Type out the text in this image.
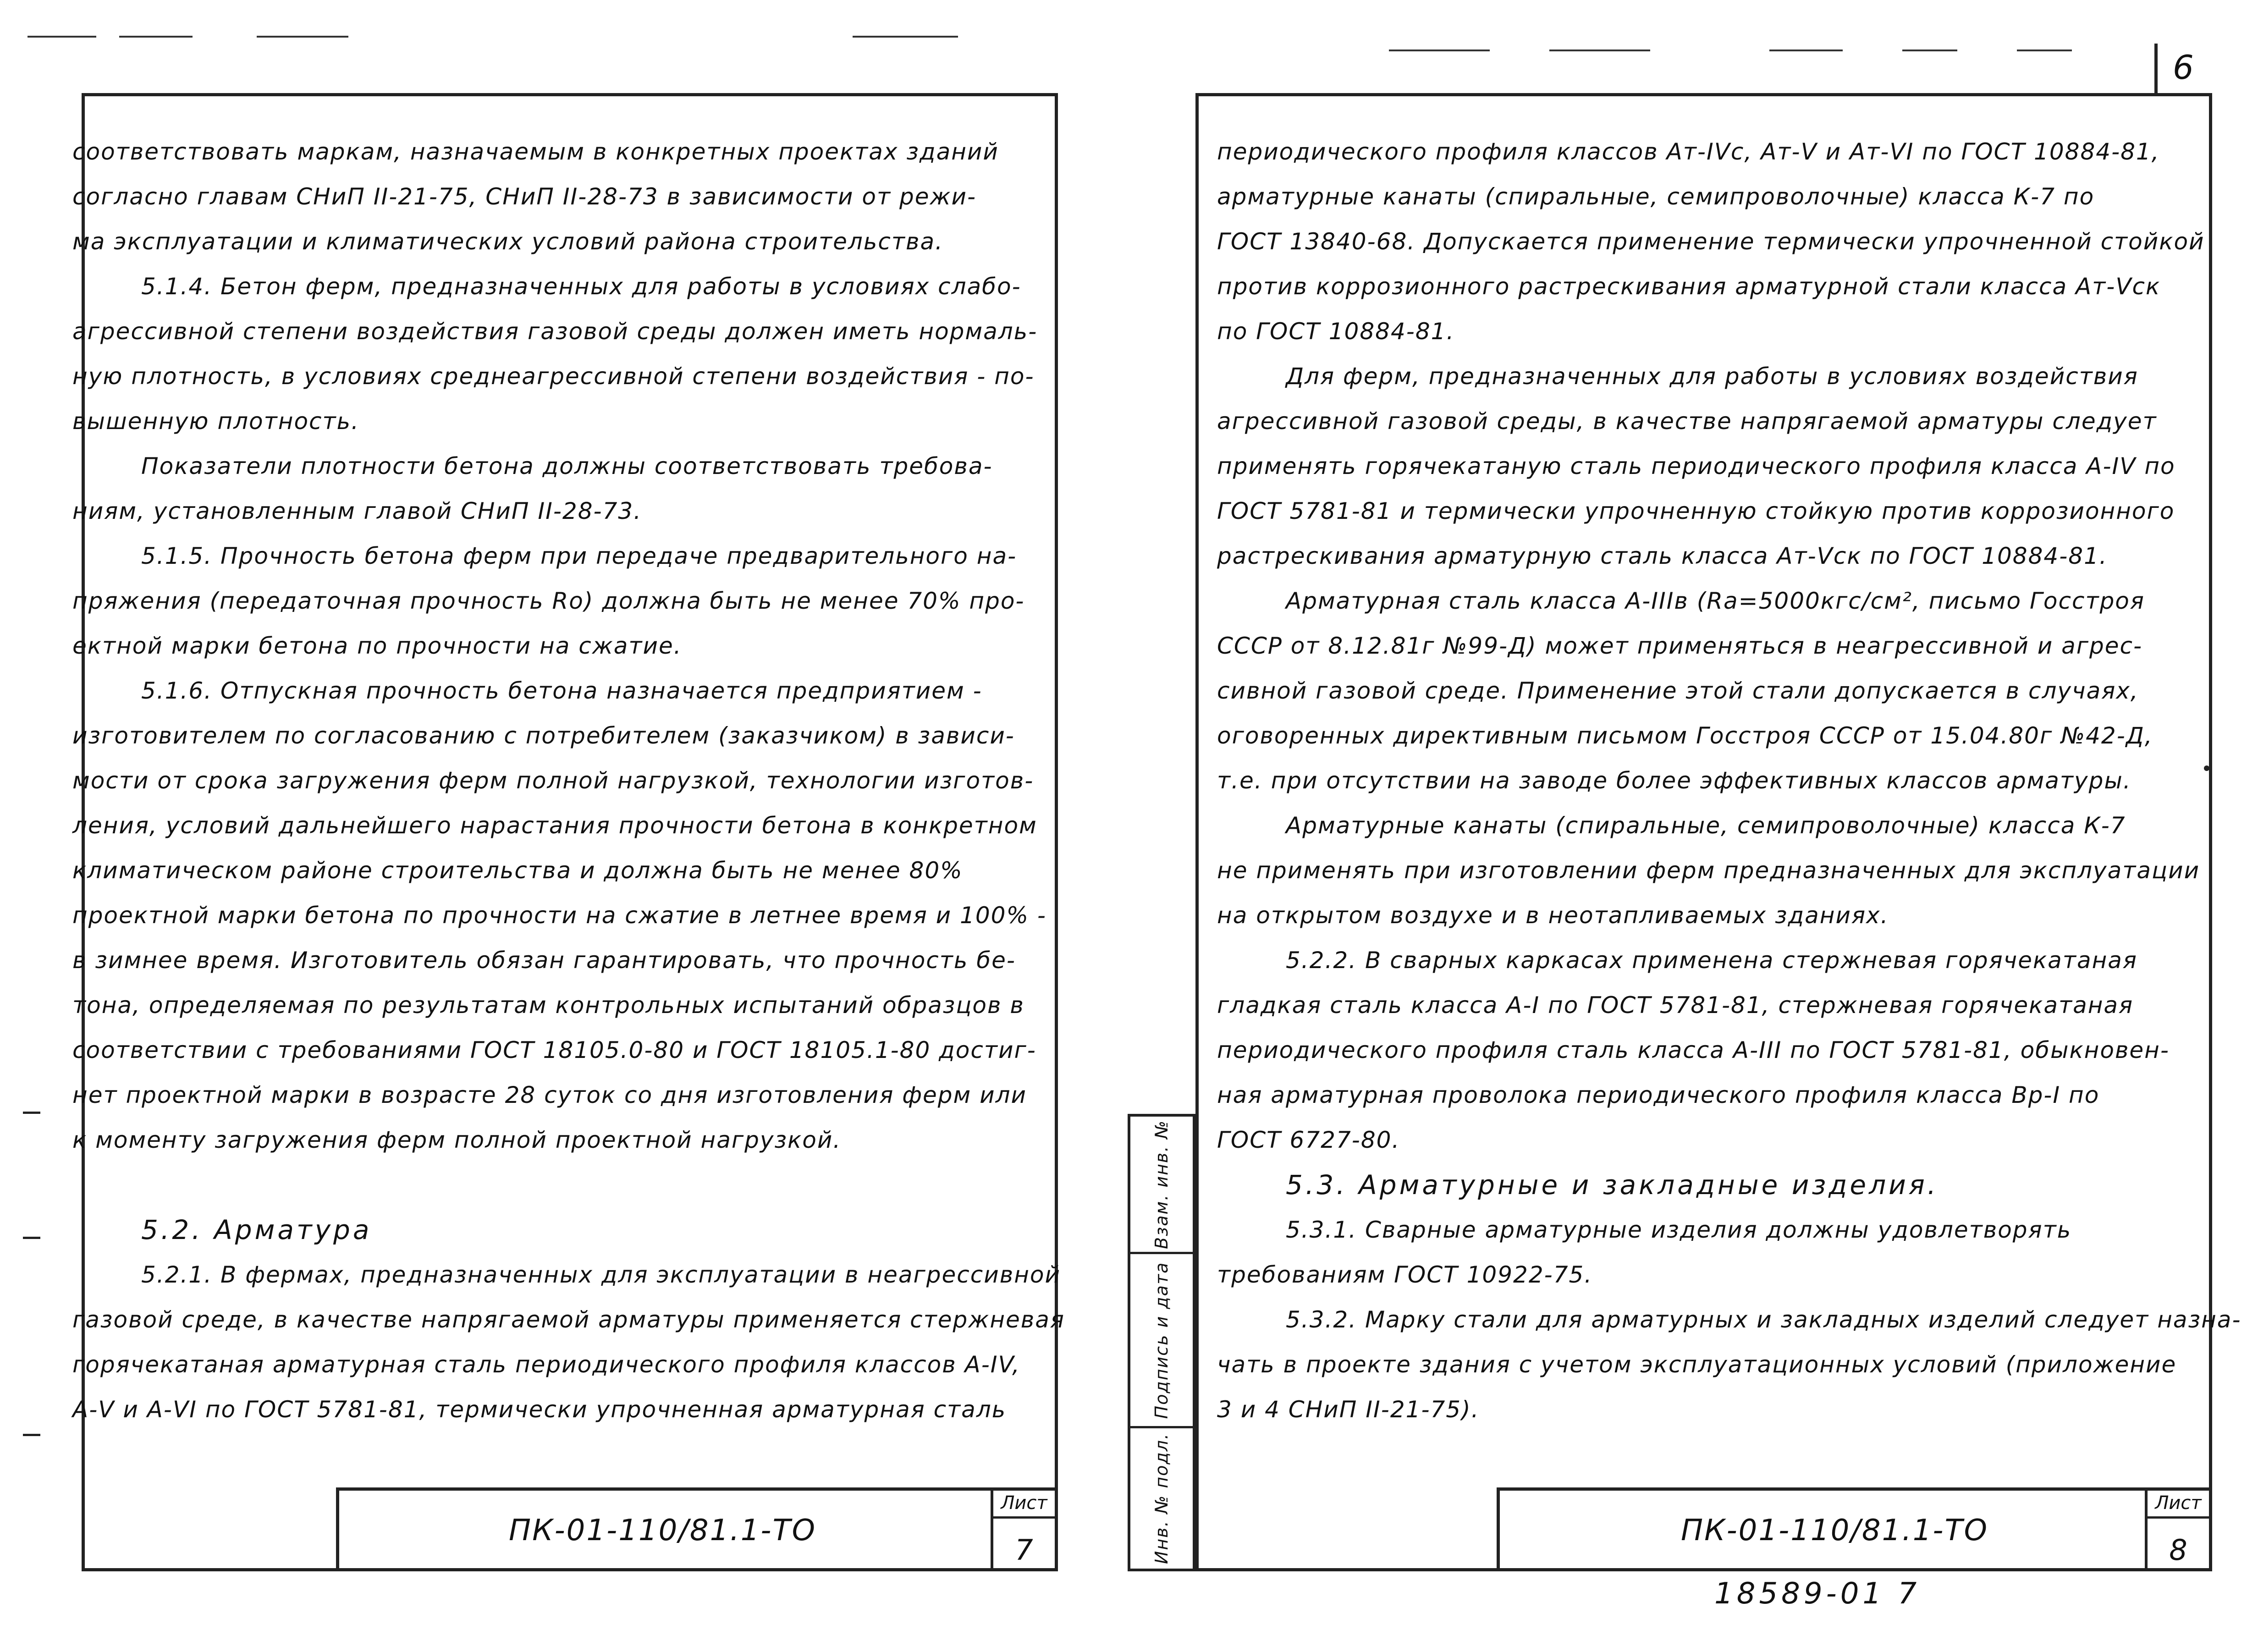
соответствовать маркам, назначаемым в конкретных проектах зданий

согласно главам СНиП II-21-75, СНиП II-28-73 в зависимости от режи-

ма эксплуатации и климатических условий района строительства.

5.1.4. Бетон ферм, предназначенных для работы в условиях слабо-

агрессивной степени воздействия газовой среды должен иметь нормаль-

ную плотность, в условиях среднеагрессивной степени воздействия - по-

вышенную плотность.

Показатели плотности бетона должны соответствовать требова-

ниям, установленным главой СНиП II-28-73.

5.1.5. Прочность бетона ферм при передаче предварительного на-

пряжения (передаточная прочность Ro) должна быть не менее 70% про-

ектной марки бетона по прочности на сжатие.

5.1.6. Отпускная прочность бетона назначается предприятием -

изготовителем по согласованию с потребителем (заказчиком) в зависи-

мости от срока загружения ферм полной нагрузкой, технологии изготов-

ления, условий дальнейшего нарастания прочности бетона в конкретном

климатическом районе строительства и должна быть не менее 80%

проектной марки бетона по прочности на сжатие в летнее время и 100% -

в зимнее время. Изготовитель обязан гарантировать, что прочность бе-

тона, определяемая по результатам контрольных испытаний образцов в

соответствии с требованиями ГОСТ 18105.0-80 и ГОСТ 18105.1-80 достиг-

нет проектной марки в возрасте 28 суток со дня изготовления ферм или

к моменту загружения ферм полной проектной нагрузкой.

5.2. Арматура

5.2.1. В фермах, предназначенных для эксплуатации в неагрессивной

газовой среде, в качестве напрягаемой арматуры применяется стержневая

горячекатаная арматурная сталь периодического профиля классов А-IV,

А-V и А-VI по ГОСТ 5781-81, термически упрочненная арматурная сталь

ПК-01-110/81.1-ТО
Лист
7
6
Взам. инв. №
Подпись и дата
Инв. № подл.

периодического профиля классов Ат-IVс, Ат-V и Ат-VI по ГОСТ 10884-81,

арматурные канаты (спиральные, семипроволочные) класса К-7 по

ГОСТ 13840-68. Допускается применение термически упрочненной стойкой

против коррозионного растрескивания арматурной стали класса Ат-Vск

по ГОСТ 10884-81.

Для ферм, предназначенных для работы в условиях воздействия

агрессивной газовой среды, в качестве напрягаемой арматуры следует

применять горячекатаную сталь периодического профиля класса А-IV по

ГОСТ 5781-81 и термически упрочненную стойкую против коррозионного

растрескивания арматурную сталь класса Ат-Vск по ГОСТ 10884-81.

Арматурная сталь класса А-IIIв (Rа=5000кгс/см², письмо Госстроя

СССР от 8.12.81г №99-Д) может применяться в неагрессивной и агрес-

сивной газовой среде. Применение этой стали допускается в случаях,

оговоренных директивным письмом Госстроя СССР от 15.04.80г №42-Д,

т.е. при отсутствии на заводе более эффективных классов арматуры.

Арматурные канаты (спиральные, семипроволочные) класса К-7

не применять при изготовлении ферм предназначенных для эксплуатации

на открытом воздухе и в неотапливаемых зданиях.

5.2.2. В сварных каркасах применена стержневая горячекатаная

гладкая сталь класса А-I по ГОСТ 5781-81, стержневая горячекатаная

периодического профиля сталь класса А-III по ГОСТ 5781-81, обыкновен-

ная арматурная проволока периодического профиля класса Вр-I по

ГОСТ 6727-80.

5.3. Арматурные и закладные изделия.

5.3.1. Сварные арматурные изделия должны удовлетворять

требованиям ГОСТ 10922-75.

5.3.2. Марку стали для арматурных и закладных изделий следует назна-

чать в проекте здания с учетом эксплуатационных условий (приложение

3 и 4 СНиП II-21-75).

ПК-01-110/81.1-ТО
Лист
8
18589-01 7
